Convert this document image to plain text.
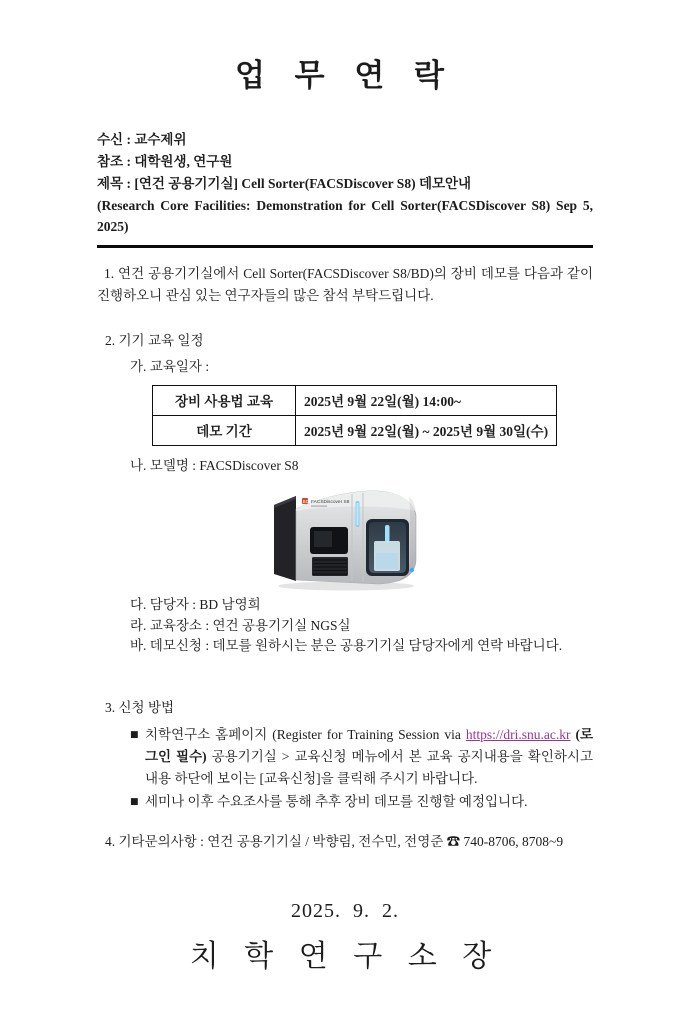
업 무 연 락
수신 : 교수제위
참조 : 대학원생, 연구원
제목 : [연건 공용기기실] Cell Sorter(FACSDiscover S8) 데모안내
(Research Core Facilities: Demonstration for Cell Sorter(FACSDiscover S8) Sep 5, 2025)

1. 연건 공용기기실에서 Cell Sorter(FACSDiscover S8/BD)의 장비 데모를 다음과 같이 진행하오니 관심 있는 연구자들의 많은 참석 부탁드립니다.

2. 기기 교육 일정
가. 교육일자 :
장비 사용법 교육	2025년 9월 22일(월) 14:00~
데모 기간	2025년 9월 22일(월) ~ 2025년 9월 30일(수)
나. 모델명 : FACSDiscover S8
BD FACSDiscover S8
다. 담당자 : BD 남영희
라. 교육장소 : 연건 공용기기실 NGS실
바. 데모신청 : 데모를 원하시는 분은 공용기기실 담당자에게 연락 바랍니다.
3. 신청 방법
■ 치학연구소 홈페이지 (Register for Training Session via https://dri.snu.ac.kr (로그인 필수) 공용기기실 > 교육신청 메뉴에서 본 교육 공지내용을 확인하시고 내용 하단에 보이는 [교육신청]을 클릭해 주시기 바랍니다.
■ 세미나 이후 수요조사를 통해 추후 장비 데모를 진행할 예정입니다.
4. 기타문의사항 : 연건 공용기기실 / 박향림, 전수민, 전영준 ☎ 740-8706, 8708~9
2025.  9.  2.
치 학 연 구 소 장
